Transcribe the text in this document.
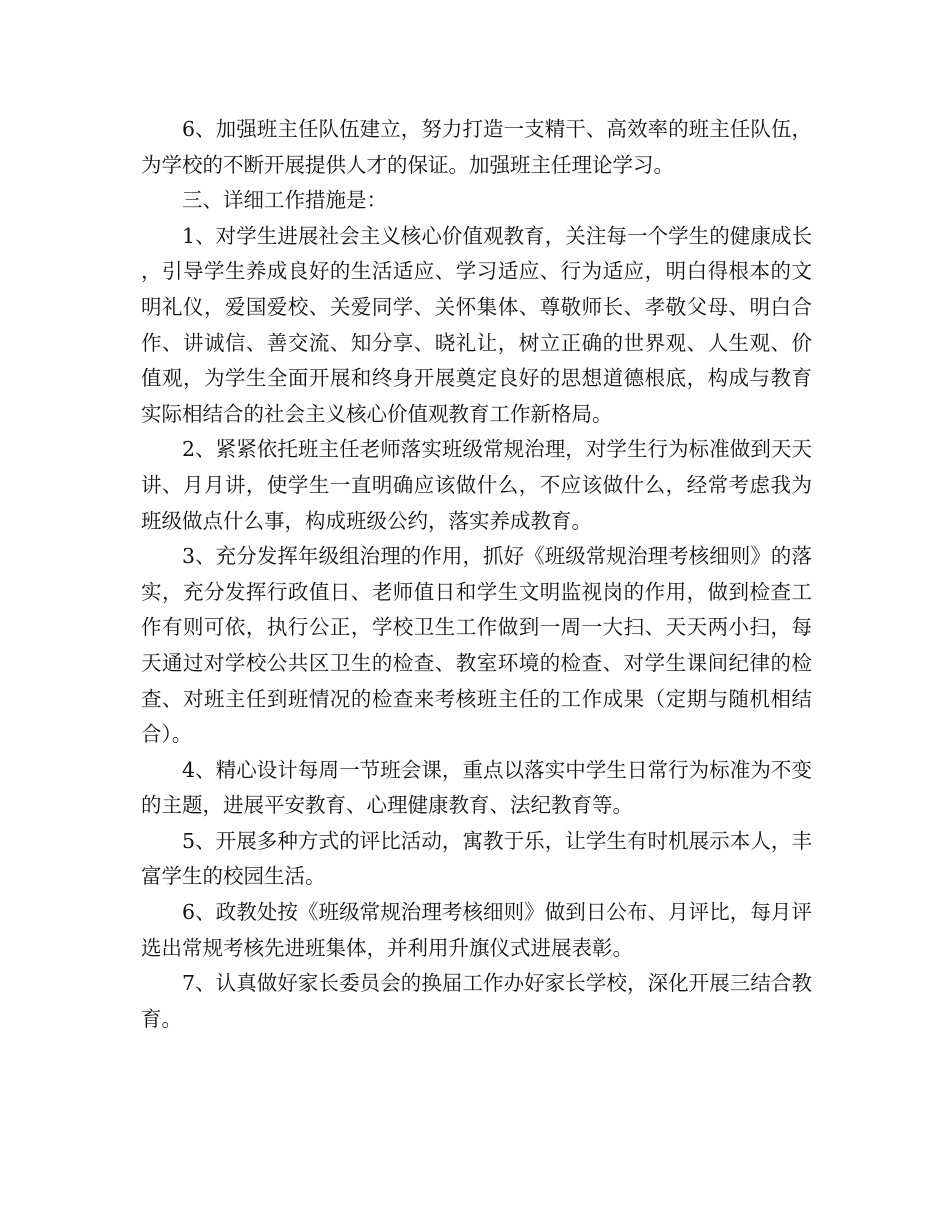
6、加强班主任队伍建立，努力打造一支精干、高效率的班主任队伍，为学校的不断开展提供人才的保证。加强班主任理论学习。

三、详细工作措施是：

1、对学生进展社会主义核心价值观教育，关注每一个学生的健康成长，引导学生养成良好的生活适应、学习适应、行为适应，明白得根本的文明礼仪，爱国爱校、关爱同学、关怀集体、尊敬师长、孝敬父母、明白合作、讲诚信、善交流、知分享、晓礼让，树立正确的世界观、人生观、价值观，为学生全面开展和终身开展奠定良好的思想道德根底，构成与教育实际相结合的社会主义核心价值观教育工作新格局。

2、紧紧依托班主任老师落实班级常规治理，对学生行为标准做到天天讲、月月讲，使学生一直明确应该做什么，不应该做什么，经常考虑我为班级做点什么事，构成班级公约，落实养成教育。

3、充分发挥年级组治理的作用，抓好《班级常规治理考核细则》的落实，充分发挥行政值日、老师值日和学生文明监视岗的作用，做到检查工作有则可依，执行公正，学校卫生工作做到一周一大扫、天天两小扫，每天通过对学校公共区卫生的检查、教室环境的检查、对学生课间纪律的检查、对班主任到班情况的检查来考核班主任的工作成果（定期与随机相结合）。

4、精心设计每周一节班会课，重点以落实中学生日常行为标准为不变的主题，进展平安教育、心理健康教育、法纪教育等。

5、开展多种方式的评比活动，寓教于乐，让学生有时机展示本人，丰富学生的校园生活。

6、政教处按《班级常规治理考核细则》做到日公布、月评比，每月评选出常规考核先进班集体，并利用升旗仪式进展表彰。

7、认真做好家长委员会的换届工作办好家长学校，深化开展三结合教育。
